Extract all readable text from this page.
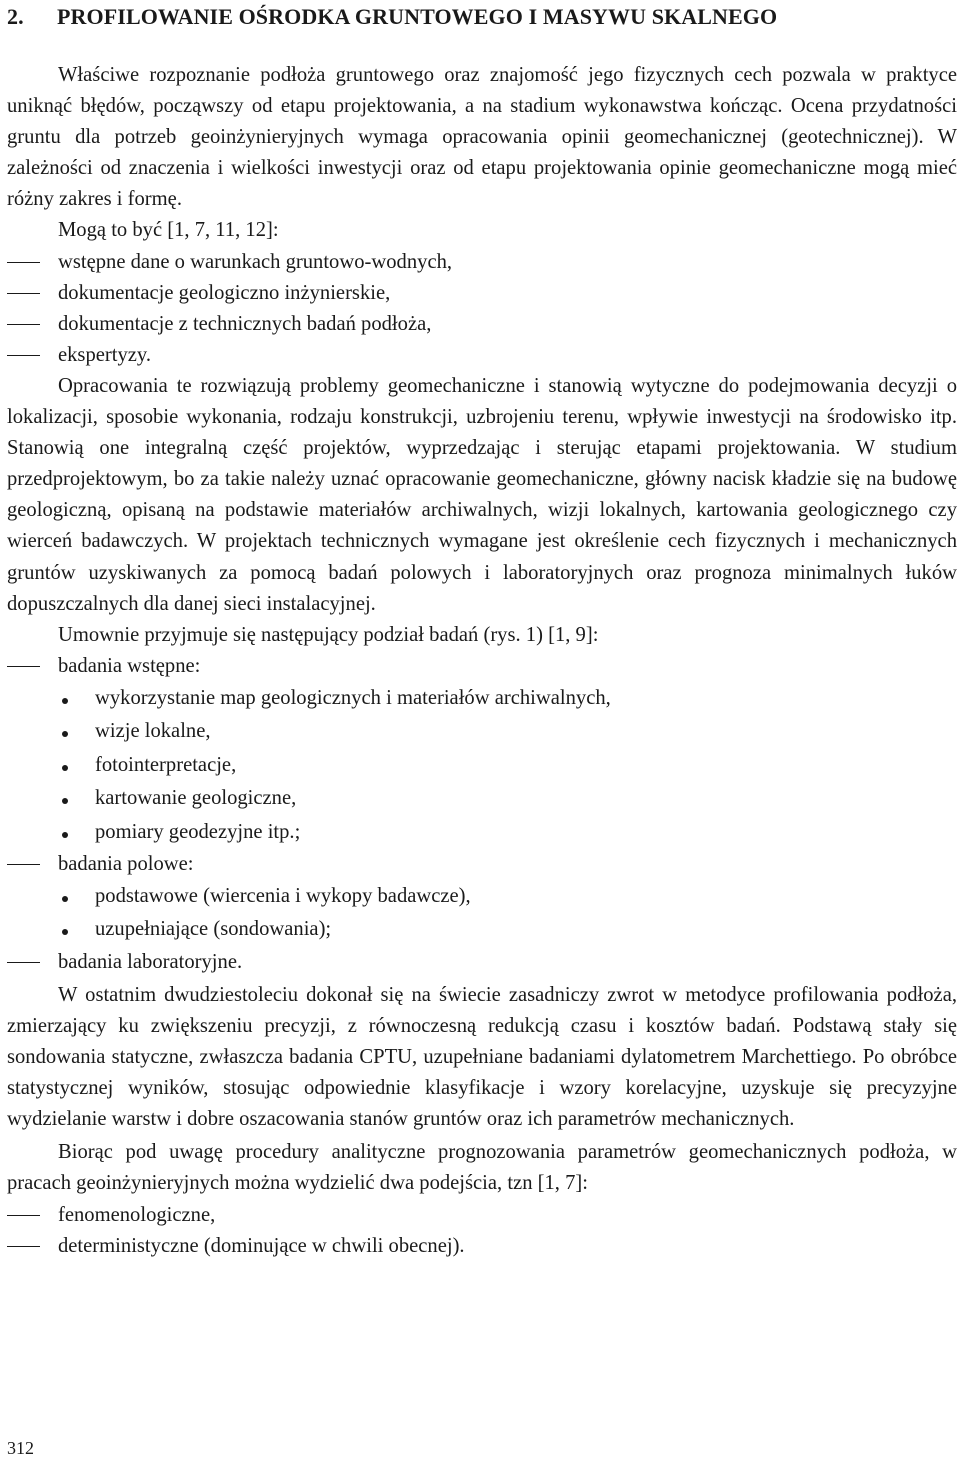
2. PROFILOWANIE OŚRODKA GRUNTOWEGO I MASYWU SKALNEGO

Właściwe rozpoznanie podłoża gruntowego oraz znajomość jego fizycznych cech pozwala w praktyce uniknąć błędów, począwszy od etapu projektowania, a na stadium wykonawstwa kończąc. Ocena przydatności gruntu dla potrzeb geoinżynieryjnych wymaga opracowania opinii geomechanicznej (geotechnicznej). W zależności od znaczenia i wielkości inwestycji oraz od etapu projektowania opinie geomechaniczne mogą mieć różny zakres i formę.

Mogą to być [1, 7, 11, 12]:

wstępne dane o warunkach gruntowo-wodnych,

dokumentacje geologiczno inżynierskie,

dokumentacje z technicznych badań podłoża,

ekspertyzy.

Opracowania te rozwiązują problemy geomechaniczne i stanowią wytyczne do podejmowania decyzji o lokalizacji, sposobie wykonania, rodzaju konstrukcji, uzbrojeniu terenu, wpływie inwestycji na środowisko itp. Stanowią one integralną część projektów, wyprzedzając i sterując etapami projektowania. W studium przedprojektowym, bo za takie należy uznać opracowanie geomechaniczne, główny nacisk kładzie się na budowę geologiczną, opisaną na podstawie materiałów archiwalnych, wizji lokalnych, kartowania geologicznego czy wierceń badawczych. W projektach technicznych wymagane jest określenie cech fizycznych i mechanicznych gruntów uzyskiwanych za pomocą badań polowych i laboratoryjnych oraz prognoza minimalnych łuków dopuszczalnych dla danej sieci instalacyjnej.

Umownie przyjmuje się następujący podział badań (rys. 1) [1, 9]:

badania wstępne:

wykorzystanie map geologicznych i materiałów archiwalnych,

wizje lokalne,

fotointerpretacje,

kartowanie geologiczne,

pomiary geodezyjne itp.;

badania polowe:

podstawowe (wiercenia i wykopy badawcze),

uzupełniające (sondowania);

badania laboratoryjne.

W ostatnim dwudziestoleciu dokonał się na świecie zasadniczy zwrot w metodyce profilowania podłoża, zmierzający ku zwiększeniu precyzji, z równoczesną redukcją czasu i kosztów badań. Podstawą stały się sondowania statyczne, zwłaszcza badania CPTU, uzupełniane badaniami dylatometrem Marchettiego. Po obróbce statystycznej wyników, stosując odpowiednie klasyfikacje i wzory korelacyjne, uzyskuje się precyzyjne wydzielanie warstw i dobre oszacowania stanów gruntów oraz ich parametrów mechanicznych.

Biorąc pod uwagę procedury analityczne prognozowania parametrów geomechanicznych podłoża, w pracach geoinżynieryjnych można wydzielić dwa podejścia, tzn [1, 7]:

fenomenologiczne,

deterministyczne (dominujące w chwili obecnej).

312
